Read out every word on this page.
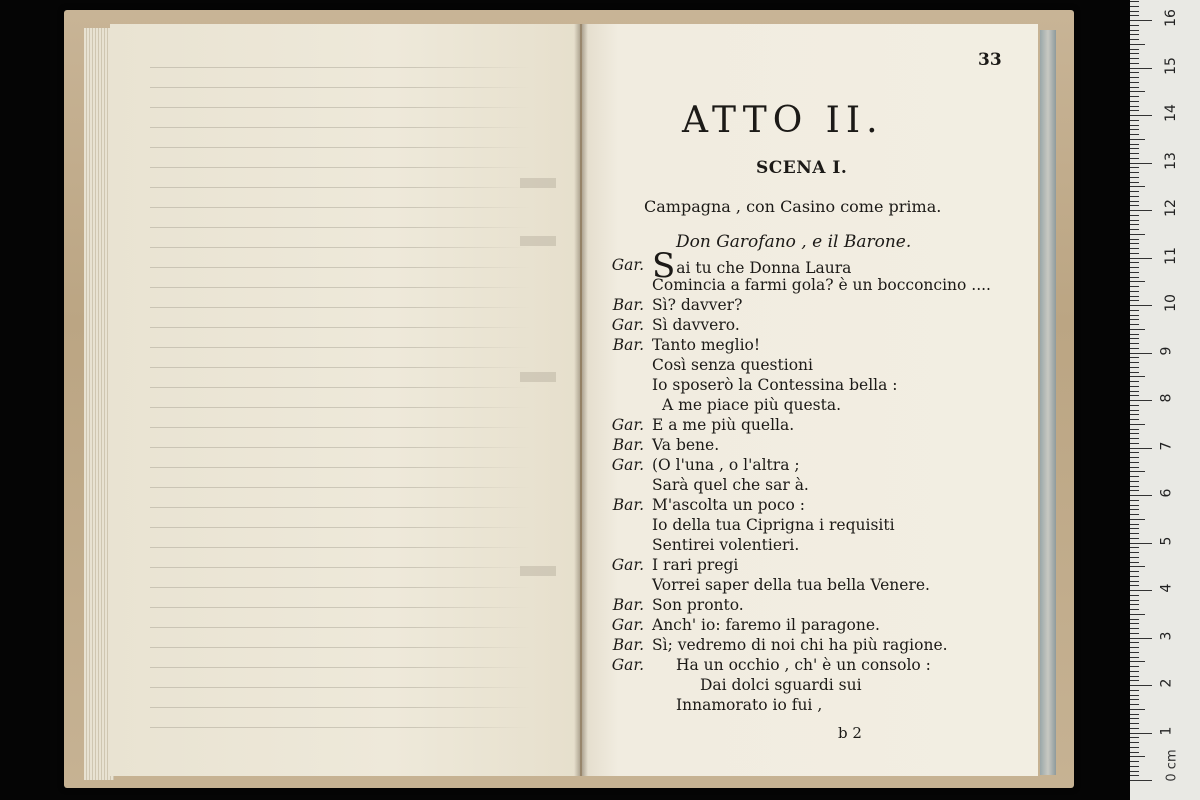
33
ATTO II.
SCENA I.
Campagna , con Casino come prima.
Don Garofano , e il Barone.
Gar. Sai tu che Donna Laura
Comincia a farmi gola? è un bocconcino ....
Bar. Sì? davver?
Gar. Sì davvero.
Bar. Tanto meglio!
Così senza questioni
Io sposerò la Contessina bella :
A me piace più questa.
Gar. E a me più quella.
Bar. Va bene.
Gar. (O l'una , o l'altra ;
Sarà quel che sar à.
Bar. M'ascolta un poco :
Io della tua Ciprigna i requisiti
Sentirei volentieri.
Gar. I rari pregi
Vorrei saper della tua bella Venere.
Bar. Son pronto.
Gar. Anch' io: faremo il paragone.
Bar. Sì; vedremo di noi chi ha più ragione.
Gar. Ha un occhio , ch' è un consolo :
Dai dolci sguardi sui
Innamorato io fui ,
b 2
0 cm
16
15
14
13
12
11
10
9
8
7
6
5
4
3
2
1
